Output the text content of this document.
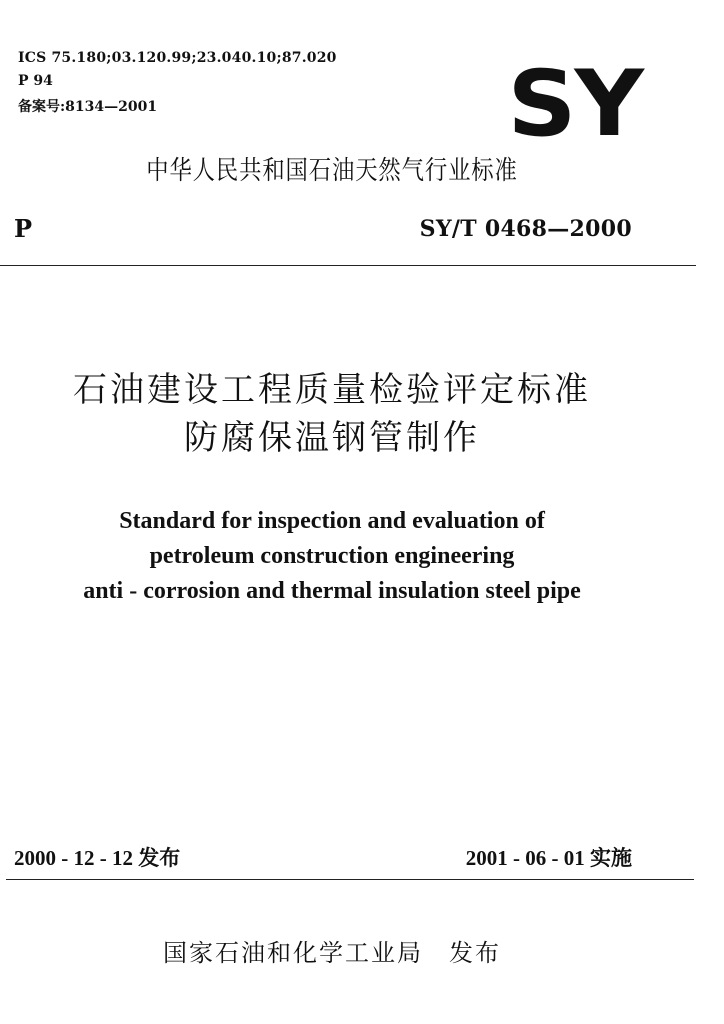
ICS 75.180;03.120.99;23.040.10;87.020
P 94
备案号:8134—2001	SY
中华人民共和国石油天然气行业标准
P	SY/T 0468—2000
石油建设工程质量检验评定标准
防腐保温钢管制作
Standard for inspection and evaluation of
petroleum construction engineering
anti - corrosion and thermal insulation steel pipe
2000 - 12 - 12 发布	2001 - 06 - 01 实施
国家石油和化学工业局　发布
